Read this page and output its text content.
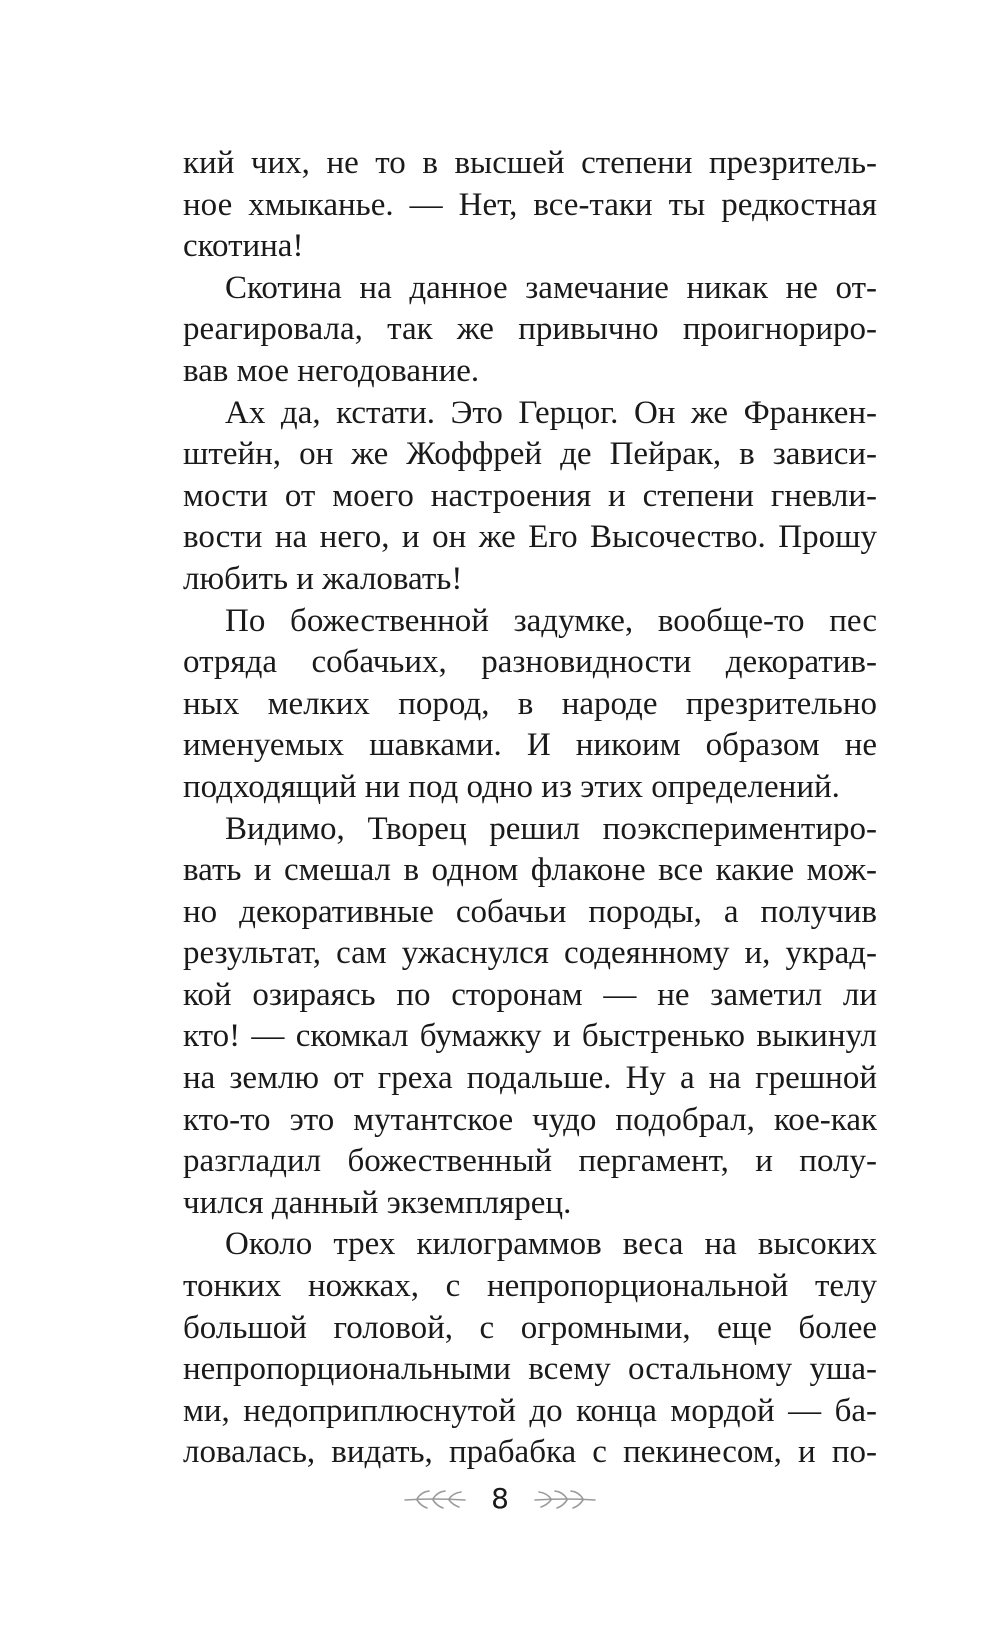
кий чих, не то в высшей степени презритель-
ное хмыканье. — Нет, все-таки ты редкостная
скотина!
Скотина на данное замечание никак не от-
реагировала, так же привычно проигнориро-
вав мое негодование.
Ах да, кстати. Это Герцог. Он же Франкен-
штейн, он же Жоффрей де Пейрак, в зависи-
мости от моего настроения и степени гневли-
вости на него, и он же Его Высочество. Прошу
любить и жаловать!
По божественной задумке, вообще-то пес
отряда собачьих, разновидности декоратив-
ных мелких пород, в народе презрительно
именуемых шавками. И никоим образом не
подходящий ни под одно из этих определений.
Видимо, Творец решил поэкспериментиро-
вать и смешал в одном флаконе все какие мож-
но декоративные собачьи породы, а получив
результат, сам ужаснулся содеянному и, украд-
кой озираясь по сторонам — не заметил ли
кто! — скомкал бумажку и быстренько выкинул
на землю от греха подальше. Ну а на грешной
кто-то это мутантское чудо подобрал, кое-как
разгладил божественный пергамент, и полу-
чился данный экземплярец.
Около трех килограммов веса на высоких
тонких ножках, с непропорциональной телу
большой головой, с огромными, еще более
непропорциональными всему остальному уша-
ми, недоприплюснутой до конца мордой — ба-
ловалась, видать, прабабка с пекинесом, и по-
8
